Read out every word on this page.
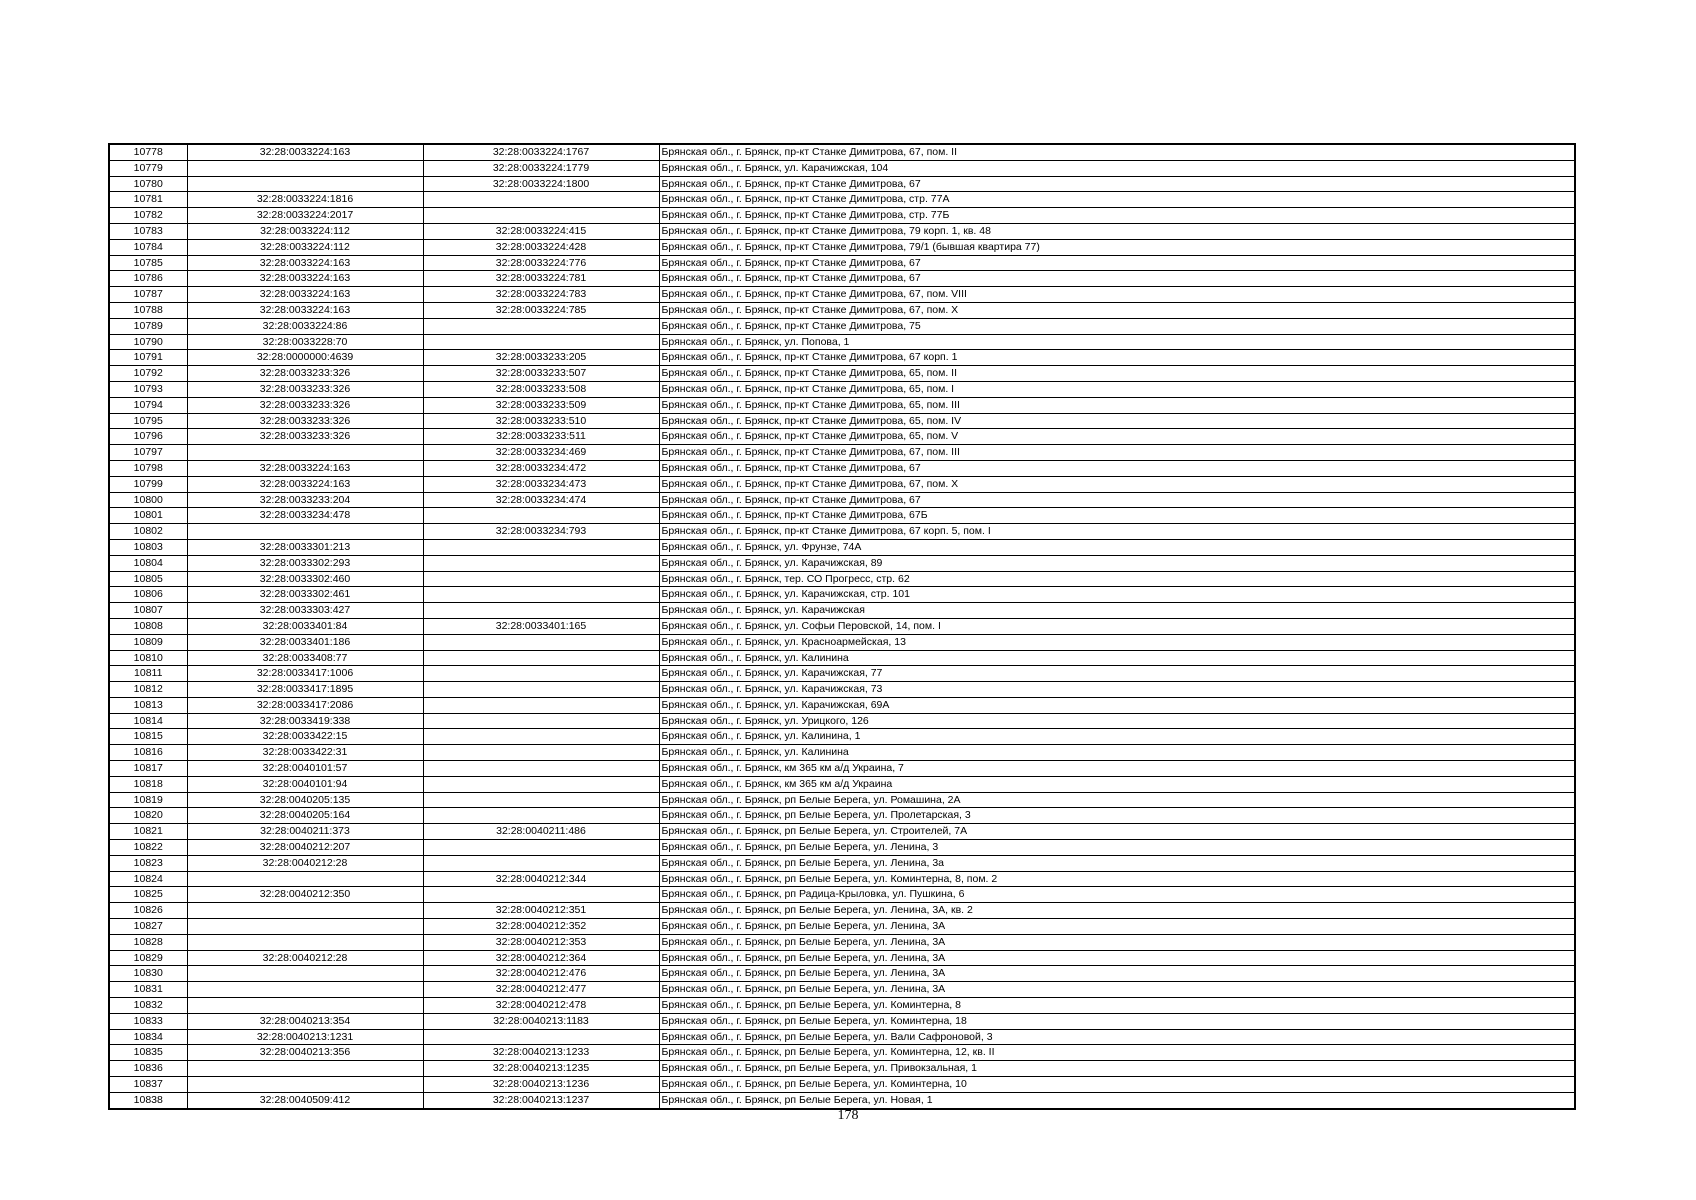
10778	32:28:0033224:163	32:28:0033224:1767	Брянская обл., г. Брянск, пр-кт Станке Димитрова, 67, пом. II
10779		32:28:0033224:1779	Брянская обл., г. Брянск, ул. Карачижская, 104
10780		32:28:0033224:1800	Брянская обл., г. Брянск, пр-кт Станке Димитрова, 67
10781	32:28:0033224:1816		Брянская обл., г. Брянск, пр-кт Станке Димитрова, стр. 77А
10782	32:28:0033224:2017		Брянская обл., г. Брянск, пр-кт Станке Димитрова, стр. 77Б
10783	32:28:0033224:112	32:28:0033224:415	Брянская обл., г. Брянск, пр-кт Станке Димитрова, 79 корп. 1, кв. 48
10784	32:28:0033224:112	32:28:0033224:428	Брянская обл., г. Брянск, пр-кт Станке Димитрова, 79/1 (бывшая квартира 77)
10785	32:28:0033224:163	32:28:0033224:776	Брянская обл., г. Брянск, пр-кт Станке Димитрова, 67
10786	32:28:0033224:163	32:28:0033224:781	Брянская обл., г. Брянск, пр-кт Станке Димитрова, 67
10787	32:28:0033224:163	32:28:0033224:783	Брянская обл., г. Брянск, пр-кт Станке Димитрова, 67, пом. VIII
10788	32:28:0033224:163	32:28:0033224:785	Брянская обл., г. Брянск, пр-кт Станке Димитрова, 67, пом. X
10789	32:28:0033224:86		Брянская обл., г. Брянск, пр-кт Станке Димитрова, 75
10790	32:28:0033228:70		Брянская обл., г. Брянск, ул. Попова, 1
10791	32:28:0000000:4639	32:28:0033233:205	Брянская обл., г. Брянск, пр-кт Станке Димитрова, 67 корп. 1
10792	32:28:0033233:326	32:28:0033233:507	Брянская обл., г. Брянск, пр-кт Станке Димитрова, 65, пом. II
10793	32:28:0033233:326	32:28:0033233:508	Брянская обл., г. Брянск, пр-кт Станке Димитрова, 65, пом. I
10794	32:28:0033233:326	32:28:0033233:509	Брянская обл., г. Брянск, пр-кт Станке Димитрова, 65, пом. III
10795	32:28:0033233:326	32:28:0033233:510	Брянская обл., г. Брянск, пр-кт Станке Димитрова, 65, пом. IV
10796	32:28:0033233:326	32:28:0033233:511	Брянская обл., г. Брянск, пр-кт Станке Димитрова, 65, пом. V
10797		32:28:0033234:469	Брянская обл., г. Брянск, пр-кт Станке Димитрова, 67, пом. III
10798	32:28:0033224:163	32:28:0033234:472	Брянская обл., г. Брянск, пр-кт Станке Димитрова, 67
10799	32:28:0033224:163	32:28:0033234:473	Брянская обл., г. Брянск, пр-кт Станке Димитрова, 67, пом. X
10800	32:28:0033233:204	32:28:0033234:474	Брянская обл., г. Брянск, пр-кт Станке Димитрова, 67
10801	32:28:0033234:478		Брянская обл., г. Брянск, пр-кт Станке Димитрова, 67Б
10802		32:28:0033234:793	Брянская обл., г. Брянск, пр-кт Станке Димитрова, 67 корп. 5, пом. I
10803	32:28:0033301:213		Брянская обл., г. Брянск, ул. Фрунзе, 74А
10804	32:28:0033302:293		Брянская обл., г. Брянск, ул. Карачижская, 89
10805	32:28:0033302:460		Брянская обл., г. Брянск, тер. СО Прогресс, стр. 62
10806	32:28:0033302:461		Брянская обл., г. Брянск, ул. Карачижская, стр. 101
10807	32:28:0033303:427		Брянская обл., г. Брянск, ул. Карачижская
10808	32:28:0033401:84	32:28:0033401:165	Брянская обл., г. Брянск, ул. Софьи Перовской, 14, пом. I
10809	32:28:0033401:186		Брянская обл., г. Брянск, ул. Красноармейская, 13
10810	32:28:0033408:77		Брянская обл., г. Брянск, ул. Калинина
10811	32:28:0033417:1006		Брянская обл., г. Брянск, ул. Карачижская, 77
10812	32:28:0033417:1895		Брянская обл., г. Брянск, ул. Карачижская, 73
10813	32:28:0033417:2086		Брянская обл., г. Брянск, ул. Карачижская, 69А
10814	32:28:0033419:338		Брянская обл., г. Брянск, ул. Урицкого, 126
10815	32:28:0033422:15		Брянская обл., г. Брянск, ул. Калинина, 1
10816	32:28:0033422:31		Брянская обл., г. Брянск, ул. Калинина
10817	32:28:0040101:57		Брянская обл., г. Брянск, км 365 км а/д Украина, 7
10818	32:28:0040101:94		Брянская обл., г. Брянск, км 365 км а/д Украина
10819	32:28:0040205:135		Брянская обл., г. Брянск, рп Белые Берега, ул. Ромашина, 2А
10820	32:28:0040205:164		Брянская обл., г. Брянск, рп Белые Берега, ул. Пролетарская, 3
10821	32:28:0040211:373	32:28:0040211:486	Брянская обл., г. Брянск, рп Белые Берега, ул. Строителей, 7А
10822	32:28:0040212:207		Брянская обл., г. Брянск, рп Белые Берега, ул. Ленина, 3
10823	32:28:0040212:28		Брянская обл., г. Брянск, рп Белые Берега, ул. Ленина, 3а
10824		32:28:0040212:344	Брянская обл., г. Брянск, рп Белые Берега, ул. Коминтерна, 8, пом. 2
10825	32:28:0040212:350		Брянская обл., г. Брянск, рп Радица-Крыловка, ул. Пушкина, 6
10826		32:28:0040212:351	Брянская обл., г. Брянск, рп Белые Берега, ул. Ленина, 3А, кв. 2
10827		32:28:0040212:352	Брянская обл., г. Брянск, рп Белые Берега, ул. Ленина, 3А
10828		32:28:0040212:353	Брянская обл., г. Брянск, рп Белые Берега, ул. Ленина, 3А
10829	32:28:0040212:28	32:28:0040212:364	Брянская обл., г. Брянск, рп Белые Берега, ул. Ленина, 3А
10830		32:28:0040212:476	Брянская обл., г. Брянск, рп Белые Берега, ул. Ленина, 3А
10831		32:28:0040212:477	Брянская обл., г. Брянск, рп Белые Берега, ул. Ленина, 3А
10832		32:28:0040212:478	Брянская обл., г. Брянск, рп Белые Берега, ул. Коминтерна, 8
10833	32:28:0040213:354	32:28:0040213:1183	Брянская обл., г. Брянск, рп Белые Берега, ул. Коминтерна, 18
10834	32:28:0040213:1231		Брянская обл., г. Брянск, рп Белые Берега, ул. Вали Сафроновой, 3
10835	32:28:0040213:356	32:28:0040213:1233	Брянская обл., г. Брянск, рп Белые Берега, ул. Коминтерна, 12, кв. II
10836		32:28:0040213:1235	Брянская обл., г. Брянск, рп Белые Берега, ул. Привокзальная, 1
10837		32:28:0040213:1236	Брянская обл., г. Брянск, рп Белые Берега, ул. Коминтерна, 10
10838	32:28:0040509:412	32:28:0040213:1237	Брянская обл., г. Брянск, рп Белые Берега, ул. Новая, 1
178
